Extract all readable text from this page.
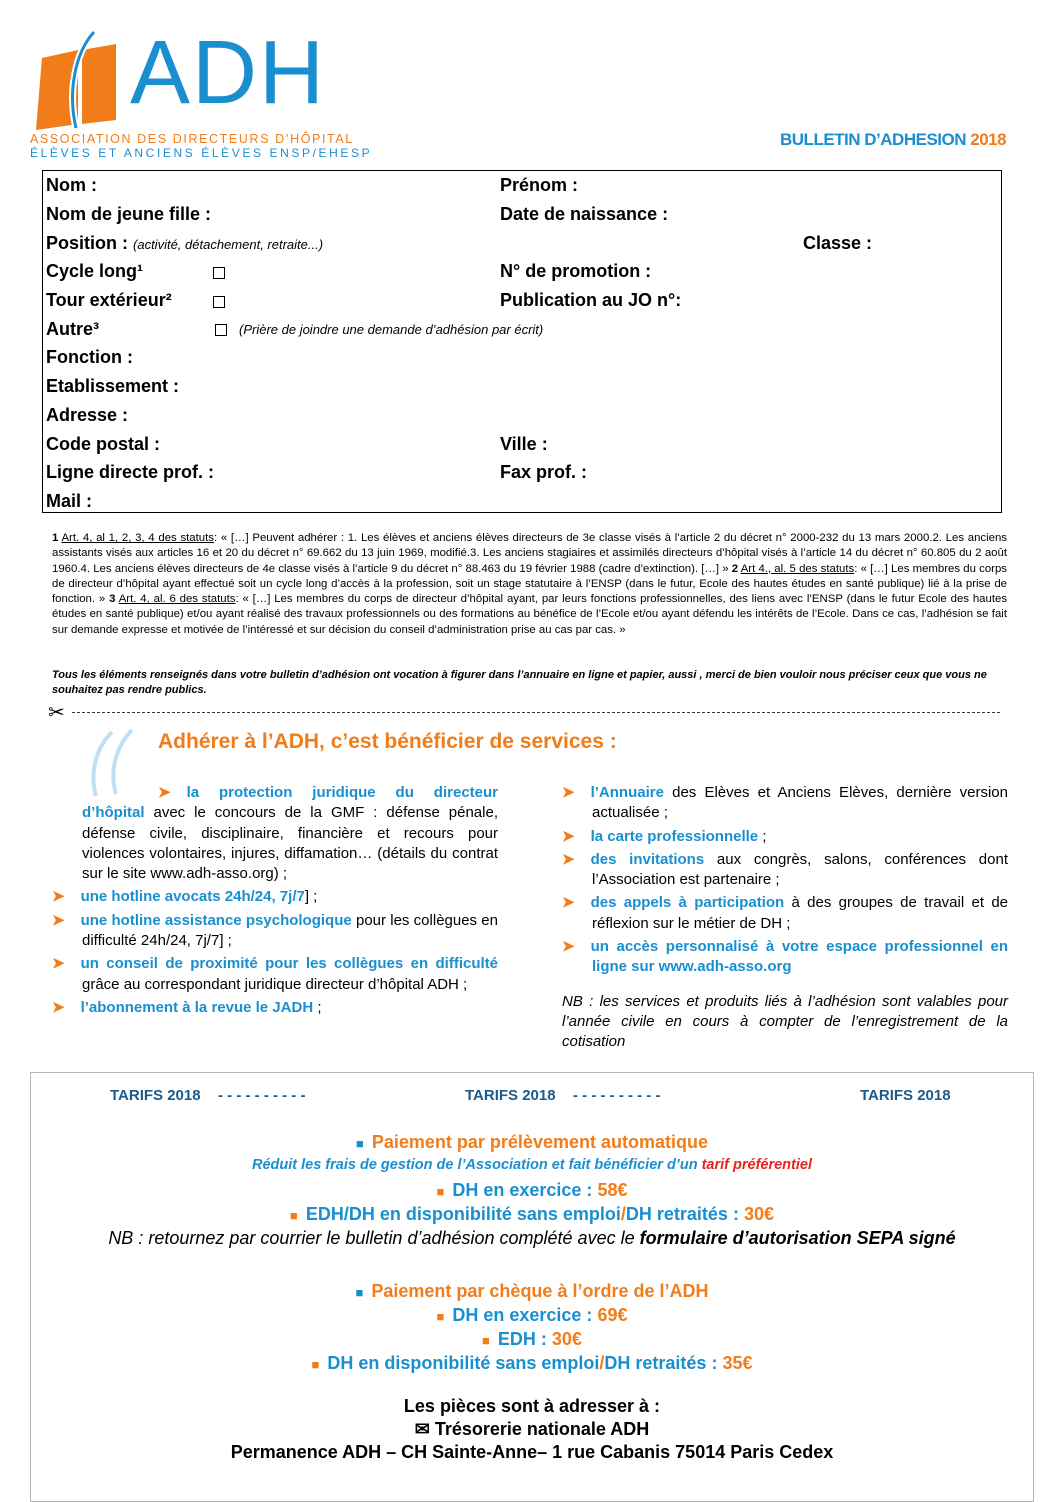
ADH
ASSOCIATION DES DIRECTEURS D’HÔPITAL
ÉLÈVES ET ANCIENS ÉLÈVES ENSP/EHESP
BULLETIN D’ADHESION 2018
Nom :	Prénom :
Nom de jeune fille :	Date de naissance :
Position : (activité, détachement, retraite...)	Classe :
Cycle long¹	N° de promotion :
Tour extérieur²	Publication au JO n°:
Autre³	(Prière de joindre une demande d’adhésion par écrit)
Fonction :
Etablissement :
Adresse :
Code postal :	Ville :
Ligne directe prof. :	Fax prof. :
Mail :
1 Art. 4, al 1, 2, 3, 4 des statuts: « […] Peuvent adhérer : 1. Les élèves et anciens élèves directeurs de 3e classe visés à l’article 2 du décret n° 2000-232 du 13 mars 2000.2. Les anciens assistants visés aux articles 16 et 20 du décret n° 69.662 du 13 juin 1969, modifié.3. Les anciens stagiaires et assimilés directeurs d’hôpital visés à l’article 14 du décret n° 60.805 du 2 août 1960.4. Les anciens élèves directeurs de 4e classe visés à l’article 9 du décret n° 88.463 du 19 février 1988 (cadre d’extinction). […] » 2 Art 4., al. 5 des statuts: « […] Les membres du corps de directeur d’hôpital ayant effectué soit un cycle long d’accès à la profession, soit un stage statutaire à l’ENSP (dans le futur, Ecole des hautes études en santé publique) lié à la prise de fonction. » 3 Art. 4, al. 6 des statuts: « […] Les membres du corps de directeur d’hôpital ayant, par leurs fonctions professionnelles, des liens avec l’ENSP (dans le futur Ecole des hautes études en santé publique) et/ou ayant réalisé des travaux professionnels ou des formations au bénéfice de l’Ecole et/ou ayant défendu les intérêts de l’Ecole. Dans ce cas, l’adhésion se fait sur demande expresse et motivée de l’intéressé et sur décision du conseil d’administration prise au cas par cas. »
Tous les éléments renseignés dans votre bulletin d’adhésion ont vocation à figurer dans l’annuaire en ligne et papier, aussi , merci de bien vouloir nous préciser ceux que vous ne souhaitez pas rendre publics.
✂
Adhérer à l’ADH, c’est bénéficier de services :
➤ la protection juridique du directeur d’hôpital avec le concours de la GMF : défense pénale, défense civile, disciplinaire, financière et recours pour violences volontaires, injures, diffamation… (détails du contrat sur le site www.adh-asso.org) ;
➤ une hotline avocats 24h/24, 7j/7] ;
➤ une hotline assistance psychologique pour les collègues en difficulté 24h/24, 7j/7] ;
➤ un conseil de proximité pour les collègues en difficulté grâce au correspondant juridique directeur d’hôpital ADH ;
➤ l’abonnement à la revue le JADH ;
➤ l’Annuaire des Elèves et Anciens Elèves, dernière version actualisée ;
➤ la carte professionnelle ;
➤ des invitations aux congrès, salons, conférences dont l’Association est partenaire ;
➤ des appels à participation à des groupes de travail et de réflexion sur le métier de DH ;
➤ un accès personnalisé à votre espace professionnel en ligne sur www.adh-asso.org
NB : les services et produits liés à l’adhésion sont valables pour l’année civile en cours à compter de l’enregistrement de la cotisation
TARIFS 2018 - - - - - - - - - -	TARIFS 2018 - - - - - - - - - -	TARIFS 2018
■ Paiement par prélèvement automatique
Réduit les frais de gestion de l’Association et fait bénéficier d’un tarif préférentiel
■ DH en exercice : 58€
■ EDH/DH en disponibilité sans emploi/DH retraités : 30€
NB : retournez par courrier le bulletin d’adhésion complété avec le formulaire d’autorisation SEPA signé
■ Paiement par chèque à l’ordre de l’ADH
■ DH en exercice : 69€
■ EDH : 30€
■ DH en disponibilité sans emploi/DH retraités : 35€
Les pièces sont à adresser à :
✉ Trésorerie nationale ADH
Permanence ADH – CH Sainte-Anne– 1 rue Cabanis 75014 Paris Cedex
